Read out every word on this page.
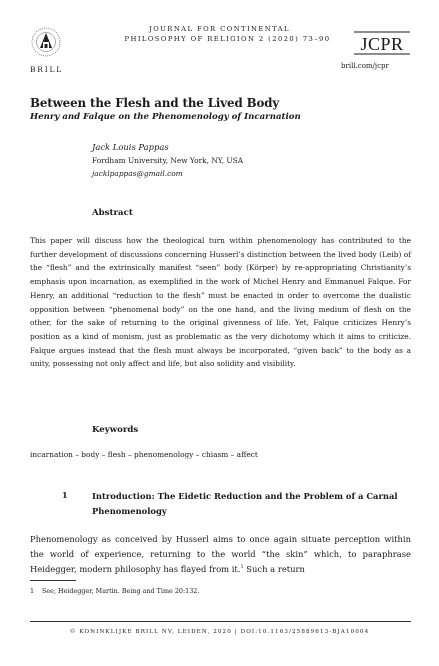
BRILL
JOURNAL FOR CONTINENTAL
PHILOSOPHY OF RELIGION 2 (2020) 73–90	JCPR
brill.com/jcpr
Between the Flesh and the Lived Body
Henry and Falque on the Phenomenology of Incarnation
Jack Louis Pappas
Fordham University, New York, NY, USA
jacklpappas@gmail.com
Abstract
This paper will discuss how the theological turn within phenomenology has contributed to the further development of discussions concerning Husserl’s distinction between the lived body (Leib) of the “flesh” and the extrinsically manifest “seen” body (Körper) by re-appropriating Christianity’s emphasis upon incarnation, as exemplified in the work of Michel Henry and Emmanuel Falque. For Henry, an additional “reduction to the flesh” must be enacted in order to overcome the dualistic opposition between “phenomenal body” on the one hand, and the living medium of flesh on the other, for the sake of returning to the original givenness of life. Yet, Falque criticizes Henry’s position as a kind of monism, just as problematic as the very dichotomy which it aims to criticize. Falque argues instead that the flesh must always be incorporated, “given back” to the body as a unity, possessing not only affect and life, but also solidity and visibility.
Keywords
incarnation – body – flesh – phenomenology – chiasm – affect
1	Introduction: The Eidetic Reduction and the Problem of a Carnal Phenomenology
Phenomenology as conceived by Husserl aims to once again situate perception within the world of experience, returning to the world “the skin” which, to paraphrase Heidegger, modern philosophy has flayed from it.$^1$ Such a return
1 See, Heidegger, Martin. Being and Time 20:132.
© KONINKLIJKE BRILL NV, LEIDEN, 2020 | DOI:10.1163/25889613-BJA10004
